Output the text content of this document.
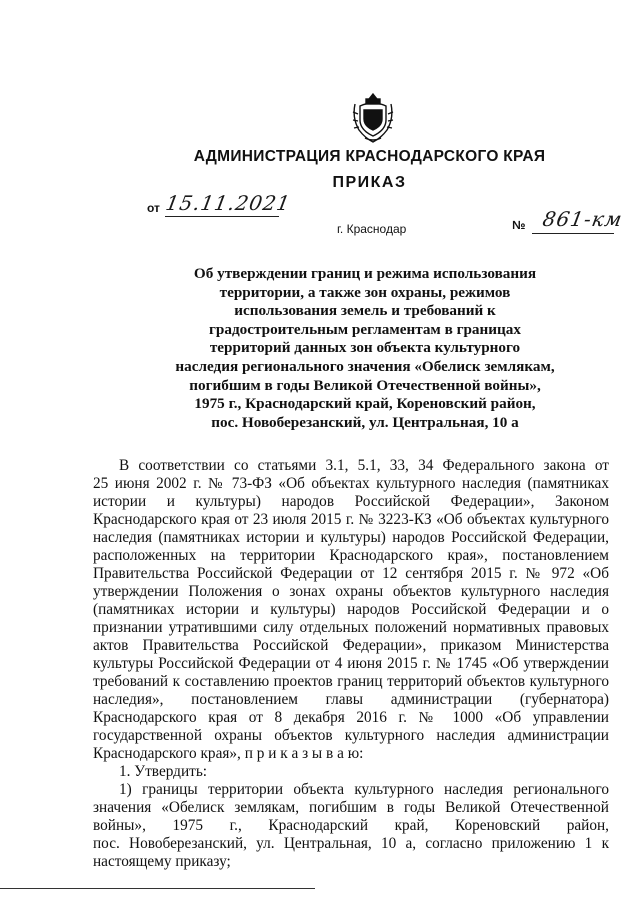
АДМИНИСТРАЦИЯ КРАСНОДАРСКОГО КРАЯ
ПРИКАЗ
от 15.11.2021
г. Краснодар	№ 861-км
Об утверждении границ и режима использования
территории, а также зон охраны, режимов
использования земель и требований к
градостроительным регламентам в границах
территорий данных зон объекта культурного
наследия регионального значения «Обелиск землякам,
погибшим в годы Великой Отечественной войны»,
1975 г., Краснодарский край, Кореновский район,
пос. Новоберезанский, ул. Центральная, 10 а
В соответствии со статьями 3.1, 5.1, 33, 34 Федерального закона от
25 июня 2002 г. № 73-ФЗ «Об объектах культурного наследия (памятниках
истории и культуры) народов Российской Федерации», Законом
Краснодарского края от 23 июля 2015 г. № 3223-КЗ «Об объектах культурного
наследия (памятниках истории и культуры) народов Российской Федерации,
расположенных на территории Краснодарского края», постановлением
Правительства Российской Федерации от 12 сентября 2015 г. № 972 «Об
утверждении Положения о зонах охраны объектов культурного наследия
(памятниках истории и культуры) народов Российской Федерации и о
признании утратившими силу отдельных положений нормативных правовых
актов Правительства Российской Федерации», приказом Министерства
культуры Российской Федерации от 4 июня 2015 г. № 1745 «Об утверждении
требований к составлению проектов границ территорий объектов культурного
наследия», постановлением главы администрации (губернатора)
Краснодарского края от 8 декабря 2016 г. № 1000 «Об управлении
государственной охраны объектов культурного наследия администрации
Краснодарского края», п р и к а з ы в а ю:
1. Утвердить:
1) границы территории объекта культурного наследия регионального
значения «Обелиск землякам, погибшим в годы Великой Отечественной
войны», 1975 г., Краснодарский край, Кореновский район,
пос. Новоберезанский, ул. Центральная, 10 а, согласно приложению 1 к
настоящему приказу;
